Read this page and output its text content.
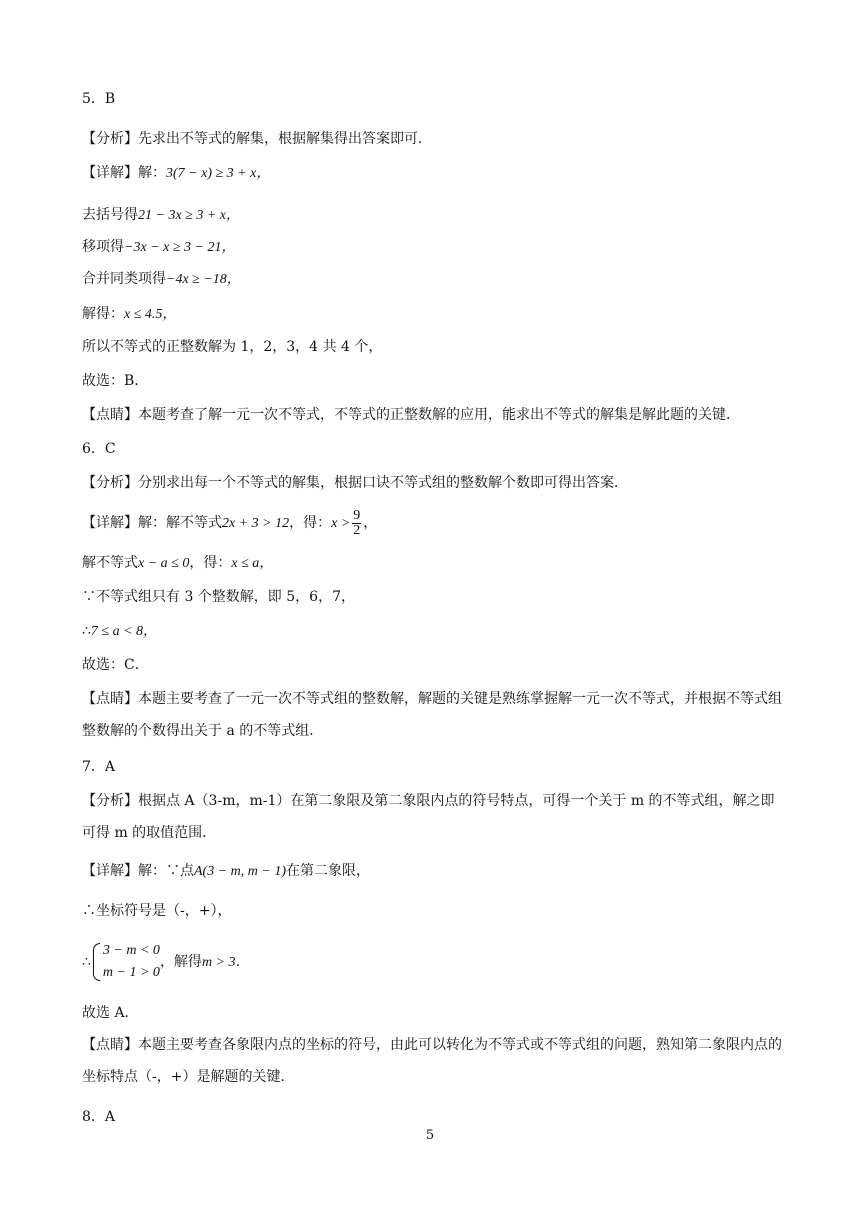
5．B
【分析】先求出不等式的解集，根据解集得出答案即可．
【详解】解：3(7 − x) ≥ 3 + x，
去括号得21 − 3x ≥ 3 + x，
移项得−3x − x ≥ 3 − 21，
合并同类项得−4x ≥ −18，
解得：x ≤ 4.5，
所以不等式的正整数解为 1，2，3，4 共 4 个，
故选：B．
【点睛】本题考查了解一元一次不等式，不等式的正整数解的应用，能求出不等式的解集是解此题的关键．
6．C
【分析】分别求出每一个不等式的解集，根据口诀不等式组的整数解个数即可得出答案．
【详解】解：解不等式2x + 3 > 12，得：$x > \frac{9}{2}$ ，
解不等式x − a ≤ 0，得：x ≤ a，
∵不等式组只有 3 个整数解，即 5，6，7，
∴7 ≤ a < 8，
故选：C．
【点睛】本题主要考查了一元一次不等式组的整数解，解题的关键是熟练掌握解一元一次不等式，并根据不等式组整数解的个数得出关于 a 的不等式组．
7．A
【分析】根据点 A（3-m，m-1）在第二象限及第二象限内点的符号特点，可得一个关于 m 的不等式组，解之即可得 m 的取值范围．
【详解】解：∵点A(3 − m, m − 1)在第二象限，
∴坐标符号是（-，+），
∴
3 − m < 0
m − 1 > 0
，解得m > 3．
故选 A．
【点睛】本题主要考查各象限内点的坐标的符号，由此可以转化为不等式或不等式组的问题，熟知第二象限内点的坐标特点（-，+）是解题的关键．
8．A
5
